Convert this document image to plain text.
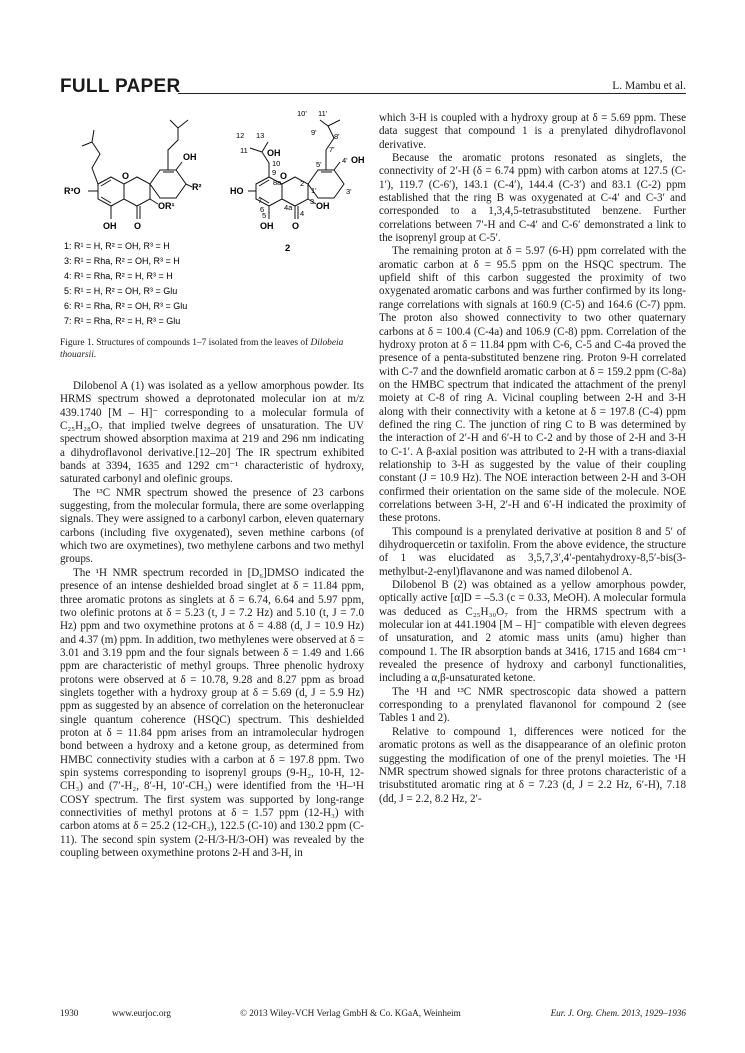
FULL PAPER	L. Mambu et al.
OH
R³O	R²
OR¹
OH O
O
12 13
11 OH
10' 11'
9' 8'
7'
4' OH
5'
3'
10
9
HO
7
8a 2
1'
6
5
4a
4
3 OH
OH O
O
2
1: R¹ = H, R² = OH, R³ = H
3: R¹ = Rha, R² = OH, R³ = H
4: R¹ = Rha, R² = H, R³ = H
5: R¹ = H, R² = OH, R³ = Glu
6: R¹ = Rha, R² = OH, R³ = Glu
7: R¹ = Rha, R² = H, R³ = Glu
Figure 1. Structures of compounds 1–7 isolated from the leaves of Dilobeia thouarsii.

Dilobenol A (1) was isolated as a yellow amorphous powder. Its HRMS spectrum showed a deprotonated molecular ion at m/z 439.1740 [M – H]⁻ corresponding to a molecular formula of C₂₅H₂₈O₇ that implied twelve degrees of unsaturation. The UV spectrum showed absorption maxima at 219 and 296 nm indicating a dihydroflavonol derivative.[12–20] The IR spectrum exhibited bands at 3394, 1635 and 1292 cm⁻¹ characteristic of hydroxy, saturated carbonyl and olefinic groups.

The ¹³C NMR spectrum showed the presence of 23 carbons suggesting, from the molecular formula, there are some overlapping signals. They were assigned to a carbonyl carbon, eleven quaternary carbons (including five oxygenated), seven methine carbons (of which two are oxymetines), two methylene carbons and two methyl groups.

The ¹H NMR spectrum recorded in [D₆]DMSO indicated the presence of an intense deshielded broad singlet at δ = 11.84 ppm, three aromatic protons as singlets at δ = 6.74, 6.64 and 5.97 ppm, two olefinic protons at δ = 5.23 (t, J = 7.2 Hz) and 5.10 (t, J = 7.0 Hz) ppm and two oxymethine protons at δ = 4.88 (d, J = 10.9 Hz) and 4.37 (m) ppm. In addition, two methylenes were observed at δ = 3.01 and 3.19 ppm and the four signals between δ = 1.49 and 1.66 ppm are characteristic of methyl groups. Three phenolic hydroxy protons were observed at δ = 10.78, 9.28 and 8.27 ppm as broad singlets together with a hydroxy group at δ = 5.69 (d, J = 5.9 Hz) ppm as suggested by an absence of correlation on the heteronuclear single quantum coherence (HSQC) spectrum. This deshielded proton at δ = 11.84 ppm arises from an intramolecular hydrogen bond between a hydroxy and a ketone group, as determined from HMBC connectivity studies with a carbon at δ = 197.8 ppm. Two spin systems corresponding to isoprenyl groups (9-H₂, 10-H, 12-CH₃) and (7′-H₂, 8′-H, 10′-CH₃) were identified from the ¹H–¹H COSY spectrum. The first system was supported by long-range connectivities of methyl protons at δ = 1.57 ppm (12-H₃) with carbon atoms at δ = 25.2 (12-CH₃), 122.5 (C-10) and 130.2 ppm (C-11). The second spin system (2-H/3-H/3-OH) was revealed by the coupling between oxymethine protons 2-H and 3-H, in

which 3-H is coupled with a hydroxy group at δ = 5.69 ppm. These data suggest that compound 1 is a prenylated dihydroflavonol derivative.

Because the aromatic protons resonated as singlets, the connectivity of 2′-H (δ = 6.74 ppm) with carbon atoms at 127.5 (C-1′), 119.7 (C-6′), 143.1 (C-4′), 144.4 (C-3′) and 83.1 (C-2) ppm established that the ring B was oxygenated at C-4′ and C-3′ and corresponded to a 1,3,4,5-tetrasubstituted benzene. Further correlations between 7′-H and C-4′ and C-6′ demonstrated a link to the isoprenyl group at C-5′.

The remaining proton at δ = 5.97 (6-H) ppm correlated with the aromatic carbon at δ = 95.5 ppm on the HSQC spectrum. The upfield shift of this carbon suggested the proximity of two oxygenated aromatic carbons and was further confirmed by its long-range correlations with signals at 160.9 (C-5) and 164.6 (C-7) ppm. The proton also showed connectivity to two other quaternary carbons at δ = 100.4 (C-4a) and 106.9 (C-8) ppm. Correlation of the hydroxy proton at δ = 11.84 ppm with C-6, C-5 and C-4a proved the presence of a penta-substituted benzene ring. Proton 9-H correlated with C-7 and the downfield aromatic carbon at δ = 159.2 ppm (C-8a) on the HMBC spectrum that indicated the attachment of the prenyl moiety at C-8 of ring A. Vicinal coupling between 2-H and 3-H along with their connectivity with a ketone at δ = 197.8 (C-4) ppm defined the ring C. The junction of ring C to B was determined by the interaction of 2′-H and 6′-H to C-2 and by those of 2-H and 3-H to C-1′. A β-axial position was attributed to 2-H with a trans-diaxial relationship to 3-H as suggested by the value of their coupling constant (J = 10.9 Hz). The NOE interaction between 2-H and 3-OH confirmed their orientation on the same side of the molecule. NOE correlations between 3-H, 2′-H and 6′-H indicated the proximity of these protons.

This compound is a prenylated derivative at position 8 and 5′ of dihydroquercetin or taxifolin. From the above evidence, the structure of 1 was elucidated as 3,5,7,3′,4′-pentahydroxy-8,5′-bis(3-methylbut-2-enyl)flavanone and was named dilobenol A.

Dilobenol B (2) was obtained as a yellow amorphous powder, optically active [α]D = –5.3 (c = 0.33, MeOH). A molecular formula was deduced as C₂₅H₃₀O₇ from the HRMS spectrum with a molecular ion at 441.1904 [M – H]⁻ compatible with eleven degrees of unsaturation, and 2 atomic mass units (amu) higher than compound 1. The IR absorption bands at 3416, 1715 and 1684 cm⁻¹ revealed the presence of hydroxy and carbonyl functionalities, including a α,β-unsaturated ketone.

The ¹H and ¹³C NMR spectroscopic data showed a pattern corresponding to a prenylated flavanonol for compound 2 (see Tables 1 and 2).

Relative to compound 1, differences were noticed for the aromatic protons as well as the disappearance of an olefinic proton suggesting the modification of one of the prenyl moieties. The ¹H NMR spectrum showed signals for three protons characteristic of a trisubstituted aromatic ring at δ = 7.23 (d, J = 2.2 Hz, 6′-H), 7.18 (dd, J = 2.2, 8.2 Hz, 2′-

1930	www.eurjoc.org	© 2013 Wiley-VCH Verlag GmbH & Co. KGaA, Weinheim	Eur. J. Org. Chem. 2013, 1929–1936
